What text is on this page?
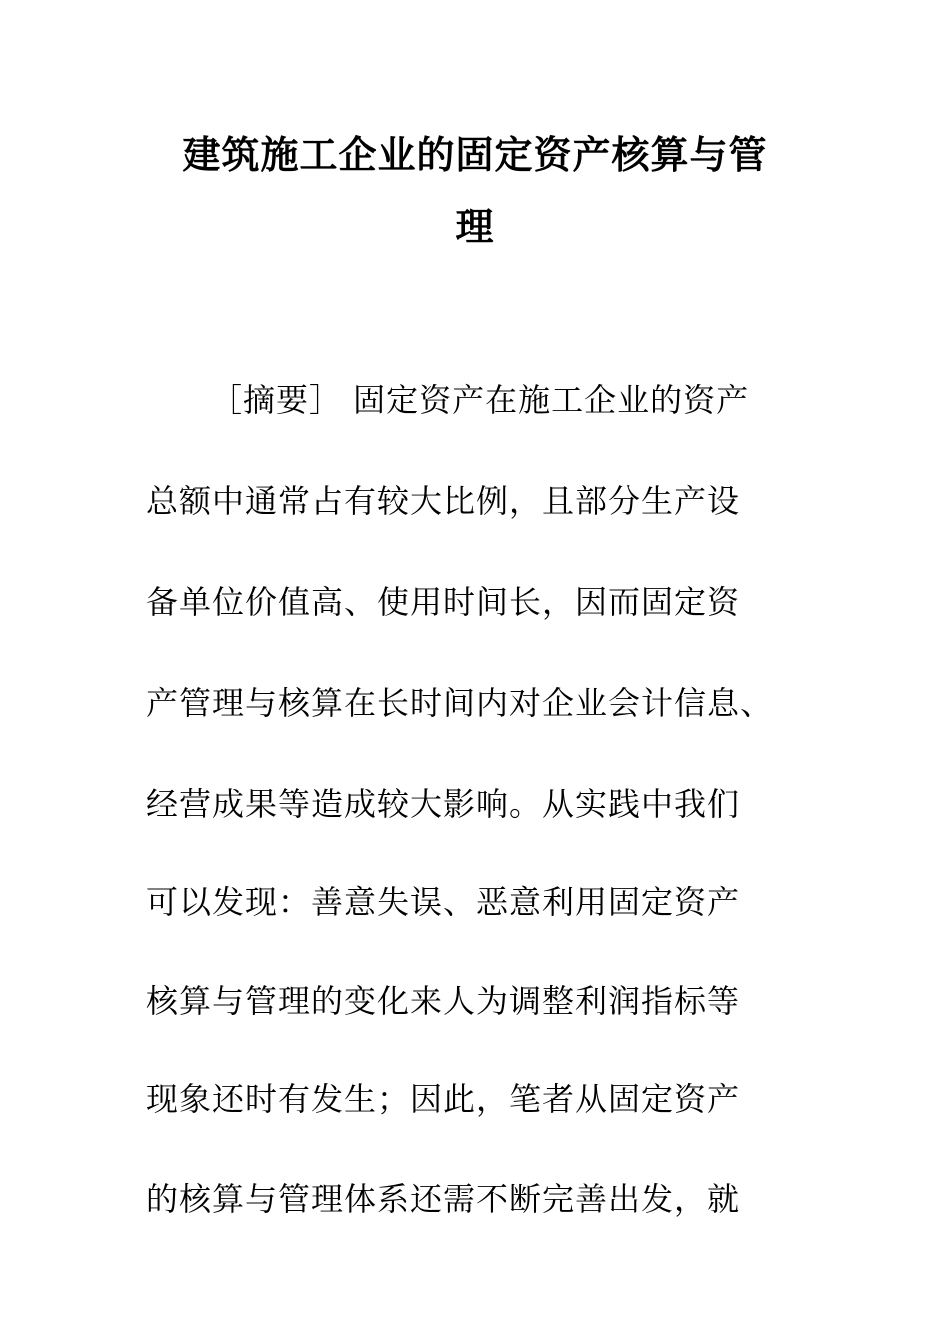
建筑施工企业的固定资产核算与管
理
［摘要］ 固定资产在施工企业的资产
总额中通常占有较大比例，且部分生产设
备单位价值高、使用时间长，因而固定资
产管理与核算在长时间内对企业会计信息、
经营成果等造成较大影响。从实践中我们
可以发现：善意失误、恶意利用固定资产
核算与管理的变化来人为调整利润指标等
现象还时有发生；因此，笔者从固定资产
的核算与管理体系还需不断完善出发，就
